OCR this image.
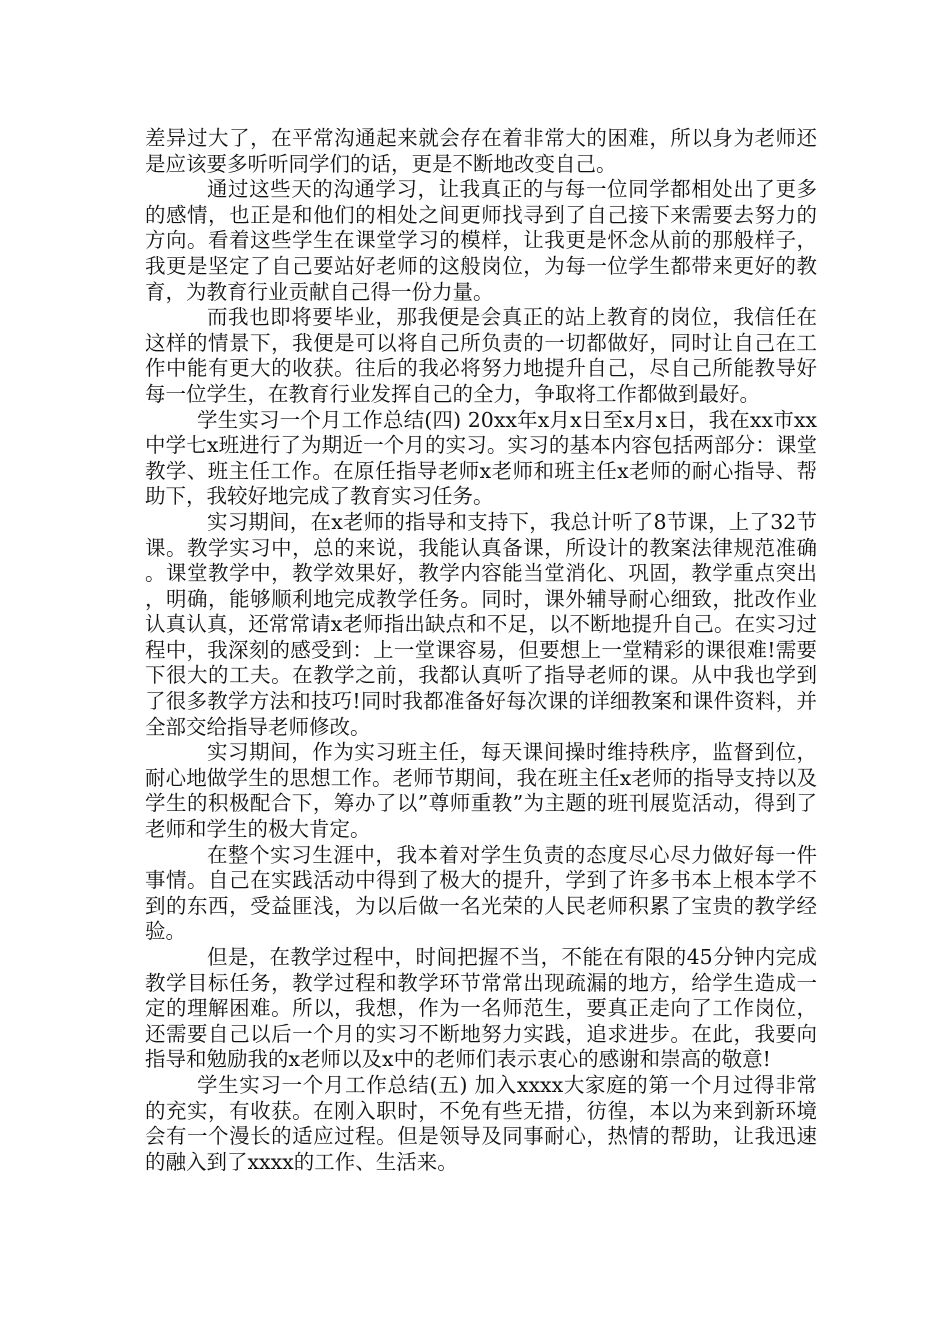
差异过大了，在平常沟通起来就会存在着非常大的困难，所以身为老师还是应该要多听听同学们的话，更是不断地改变自己。

通过这些天的沟通学习，让我真正的与每一位同学都相处出了更多的感情，也正是和他们的相处之间更师找寻到了自己接下来需要去努力的方向。看着这些学生在课堂学习的模样，让我更是怀念从前的那般样子，我更是坚定了自己要站好老师的这般岗位，为每一位学生都带来更好的教育，为教育行业贡献自己得一份力量。

而我也即将要毕业，那我便是会真正的站上教育的岗位，我信任在这样的情景下，我便是可以将自己所负责的一切都做好，同时让自己在工作中能有更大的收获。往后的我必将努力地提升自己，尽自己所能教导好每一位学生，在教育行业发挥自己的全力，争取将工作都做到最好。

学生实习一个月工作总结(四) 20xx年x月x日至x月x日，我在xx市xx中学七x班进行了为期近一个月的实习。实习的基本内容包括两部分：课堂教学、班主任工作。在原任指导老师x老师和班主任x老师的耐心指导、帮助下，我较好地完成了教育实习任务。

实习期间，在x老师的指导和支持下，我总计听了8节课，上了32节课。教学实习中，总的来说，我能认真备课，所设计的教案法律规范准确。课堂教学中，教学效果好，教学内容能当堂消化、巩固，教学重点突出，明确，能够顺利地完成教学任务。同时，课外辅导耐心细致，批改作业认真认真，还常常请x老师指出缺点和不足，以不断地提升自己。在实习过程中，我深刻的感受到：上一堂课容易，但要想上一堂精彩的课很难!需要下很大的工夫。在教学之前，我都认真听了指导老师的课。从中我也学到了很多教学方法和技巧!同时我都准备好每次课的详细教案和课件资料，并全部交给指导老师修改。

实习期间，作为实习班主任，每天课间操时维持秩序，监督到位，耐心地做学生的思想工作。老师节期间，我在班主任x老师的指导支持以及学生的积极配合下，筹办了以”尊师重教”为主题的班刊展览活动，得到了老师和学生的极大肯定。

在整个实习生涯中，我本着对学生负责的态度尽心尽力做好每一件事情。自己在实践活动中得到了极大的提升，学到了许多书本上根本学不到的东西，受益匪浅，为以后做一名光荣的人民老师积累了宝贵的教学经验。

但是，在教学过程中，时间把握不当，不能在有限的45分钟内完成教学目标任务，教学过程和教学环节常常出现疏漏的地方，给学生造成一定的理解困难。所以，我想，作为一名师范生，要真正走向了工作岗位，还需要自己以后一个月的实习不断地努力实践，追求进步。在此，我要向指导和勉励我的x老师以及x中的老师们表示衷心的感谢和崇高的敬意!

学生实习一个月工作总结(五) 加入xxxx大家庭的第一个月过得非常的充实，有收获。在刚入职时，不免有些无措，彷徨，本以为来到新环境会有一个漫长的适应过程。但是领导及同事耐心，热情的帮助，让我迅速的融入到了xxxx的工作、生活来。
